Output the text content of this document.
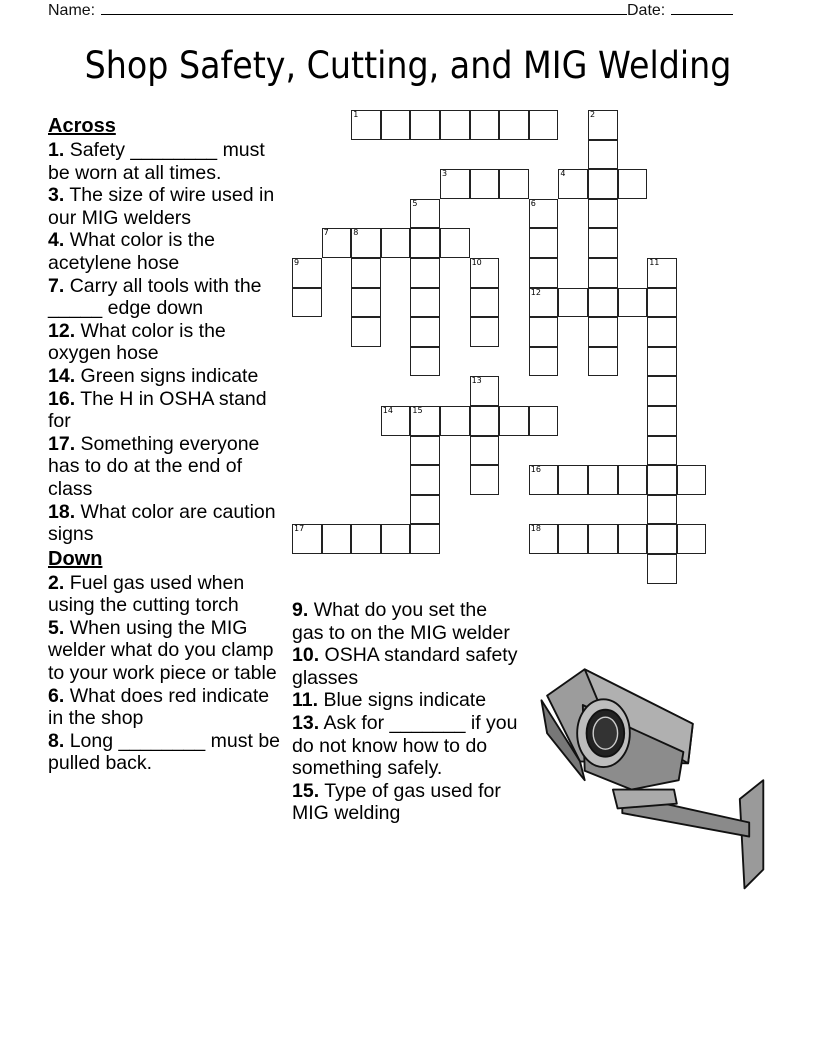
Name:	Date:
Shop Safety, Cutting, and MIG Welding
Across
1. Safety ________ must be worn at all times.
3. The size of wire used in our MIG welders
4. What color is the acetylene hose
7. Carry all tools with the _____ edge down
12. What color is the oxygen hose
14. Green signs indicate
16. The H in OSHA stand for
17. Something everyone has to do at the end of class
18. What color are caution signs
Down
2. Fuel gas used when using the cutting torch
5. When using the MIG welder what do you clamp to your work piece or table
6. What does red indicate in the shop
8. Long ________ must be pulled back.
9. What do you set the gas to on the MIG welder
10. OSHA standard safety glasses
11. Blue signs indicate
13. Ask for _______ if you do not know how to do something safely.
15. Type of gas used for MIG welding
1	2
3	4
5	6
12
7	8
9	10	11
13
14 15
16
17	18
